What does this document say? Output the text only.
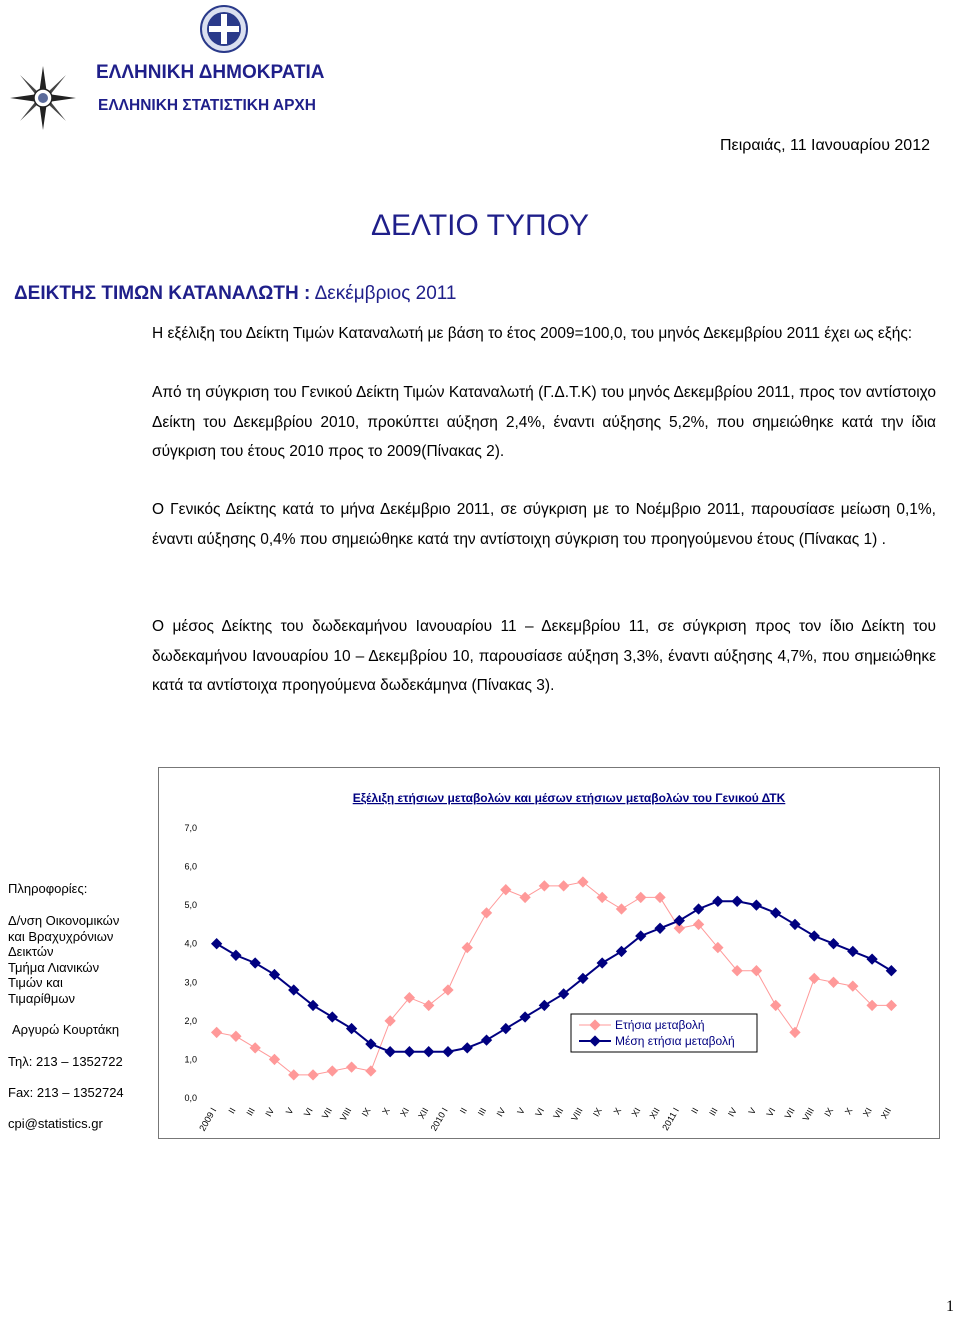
ΕΛΛΗΝΙΚΗ ΔΗΜΟΚΡΑΤΙΑ
ΕΛΛΗΝΙΚΗ ΣΤΑΤΙΣΤΙΚΗ ΑΡΧΗ
Πειραιάς, 11 Ιανουαρίου 2012
ΔΕΛΤΙΟ ΤΥΠΟΥ
ΔΕΙΚΤΗΣ ΤΙΜΩΝ ΚΑΤΑΝΑΛΩΤΗ : Δεκέμβριος 2011
Η εξέλιξη του Δείκτη Τιμών Καταναλωτή με βάση το έτος 2009=100,0, του μηνός Δεκεμβρίου 2011 έχει ως εξής:
Από τη σύγκριση του Γενικού Δείκτη Τιμών Καταναλωτή (Γ.Δ.Τ.Κ) του μηνός Δεκεμβρίου 2011, προς τον αντίστοιχο Δείκτη του Δεκεμβρίου 2010, προκύπτει αύξηση 2,4%, έναντι αύξησης 5,2%, που σημειώθηκε κατά την ίδια σύγκριση του έτους 2010 προς το 2009(Πίνακας 2).
Ο Γενικός Δείκτης κατά το μήνα Δεκέμβριο 2011, σε σύγκριση με το Νοέμβριο 2011, παρουσίασε μείωση 0,1%, έναντι αύξησης 0,4% που σημειώθηκε κατά την αντίστοιχη σύγκριση του προηγούμενου έτους (Πίνακας 1) .
Ο μέσος Δείκτης του δωδεκαμήνου Ιανουαρίου 11 – Δεκεμβρίου 11, σε σύγκριση προς τον ίδιο Δείκτη του δωδεκαμήνου Ιανουαρίου 10 – Δεκεμβρίου 10, παρουσίασε αύξηση 3,3%, έναντι αύξησης 4,7%, που σημειώθηκε κατά τα αντίστοιχα προηγούμενα δωδεκάμηνα (Πίνακας 3).
Πληροφορίες:
Δ/νση Οικονομικών
και Βραχυχρόνιων
Δεικτών
Τμήμα Λιανικών
Τιμών και
Τιμαρίθμων
Αργυρώ Κουρτάκη
Τηλ: 213 – 1352722
Fax: 213 – 1352724
cpi@statistics.gr
Εξέλιξη ετήσιων μεταβολών και μέσων ετήσιων μεταβολών του Γενικού ΔΤΚ
0,0
1,0
2,0
3,0
4,0
5,0
6,0
7,0
2009 I II III IV V VI VII VIII IX X XI XII
2010 I II III IV V VI VII VIII IX X XI XII
2011 I II III IV V VI VII VIII IX X XI XII
Ετήσια μεταβολή
Μέση ετήσια μεταβολή
1
